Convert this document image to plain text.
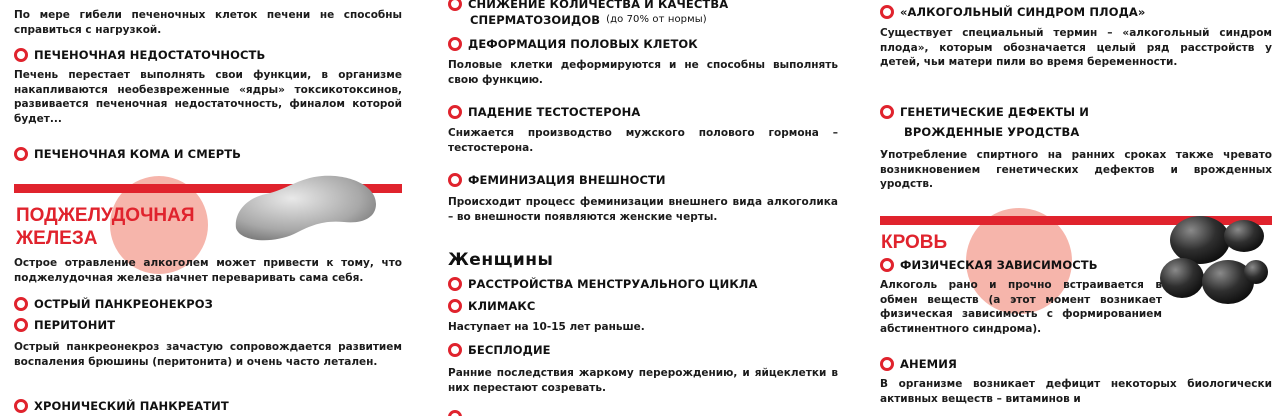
По мере гибели печеночных клеток печени не способны справиться с нагрузкой.
ПЕЧЕНОЧНАЯ НЕДОСТАТОЧНОСТЬ
Печень перестает выполнять свои функции, в организме накапливаются необезвреженные «ядры» токсикотоксинов, развивается печеночная недостаточность, финалом которой будет...
ПЕЧЕНОЧНАЯ КОМА И СМЕРТЬ
ПОДЖЕЛУДОЧНАЯ
ЖЕЛЕЗА
Острое отравление алкоголем может привести к тому, что поджелудочная железа начнет переваривать сама себя.
ОСТРЫЙ ПАНКРЕОНЕКРОЗ
ПЕРИТОНИТ
Острый панкреонекроз зачастую сопровождается развитием воспаления брюшины (перитонита) и очень часто летален.
ХРОНИЧЕСКИЙ ПАНКРЕАТИТ
СНИЖЕНИЕ КОЛИЧЕСТВА И КАЧЕСТВА
СПЕРМАТОЗОИДОВ (до 70% от нормы)
ДЕФОРМАЦИЯ ПОЛОВЫХ КЛЕТОК
Половые клетки деформируются и не способны выполнять свою функцию.
ПАДЕНИЕ ТЕСТОСТЕРОНА
Снижается производство мужского полового гормона – тестостерона.
ФЕМИНИЗАЦИЯ ВНЕШНОСТИ
Происходит процесс феминизации внешнего вида алкоголика – во внешности появляются женские черты.
Женщины
РАССТРОЙСТВА МЕНСТРУАЛЬНОГО ЦИКЛА
КЛИМАКС
Наступает на 10-15 лет раньше.
БЕСПЛОДИЕ
Ранние последствия жаркому перерождению, и яйцеклетки в них перестают созревать.
«АЛКОГОЛЬНЫЙ СИНДРОМ ПЛОДА»
Существует специальный термин – «алкогольный синдром плода», которым обозначается целый ряд расстройств у детей, чьи матери пили во время беременности.
ГЕНЕТИЧЕСКИЕ ДЕФЕКТЫ И
ВРОЖДЕННЫЕ УРОДСТВА
Употребление спиртного на ранних сроках также чревато возникновением генетических дефектов и врожденных уродств.
КРОВЬ
ФИЗИЧЕСКАЯ ЗАВИСИМОСТЬ
Алкоголь рано и прочно встраивается в обмен веществ (а этот момент возникает физическая зависимость с формированием абстинентного синдрома).
АНЕМИЯ
В организме возникает дефицит некоторых биологически активных веществ – витаминов и
